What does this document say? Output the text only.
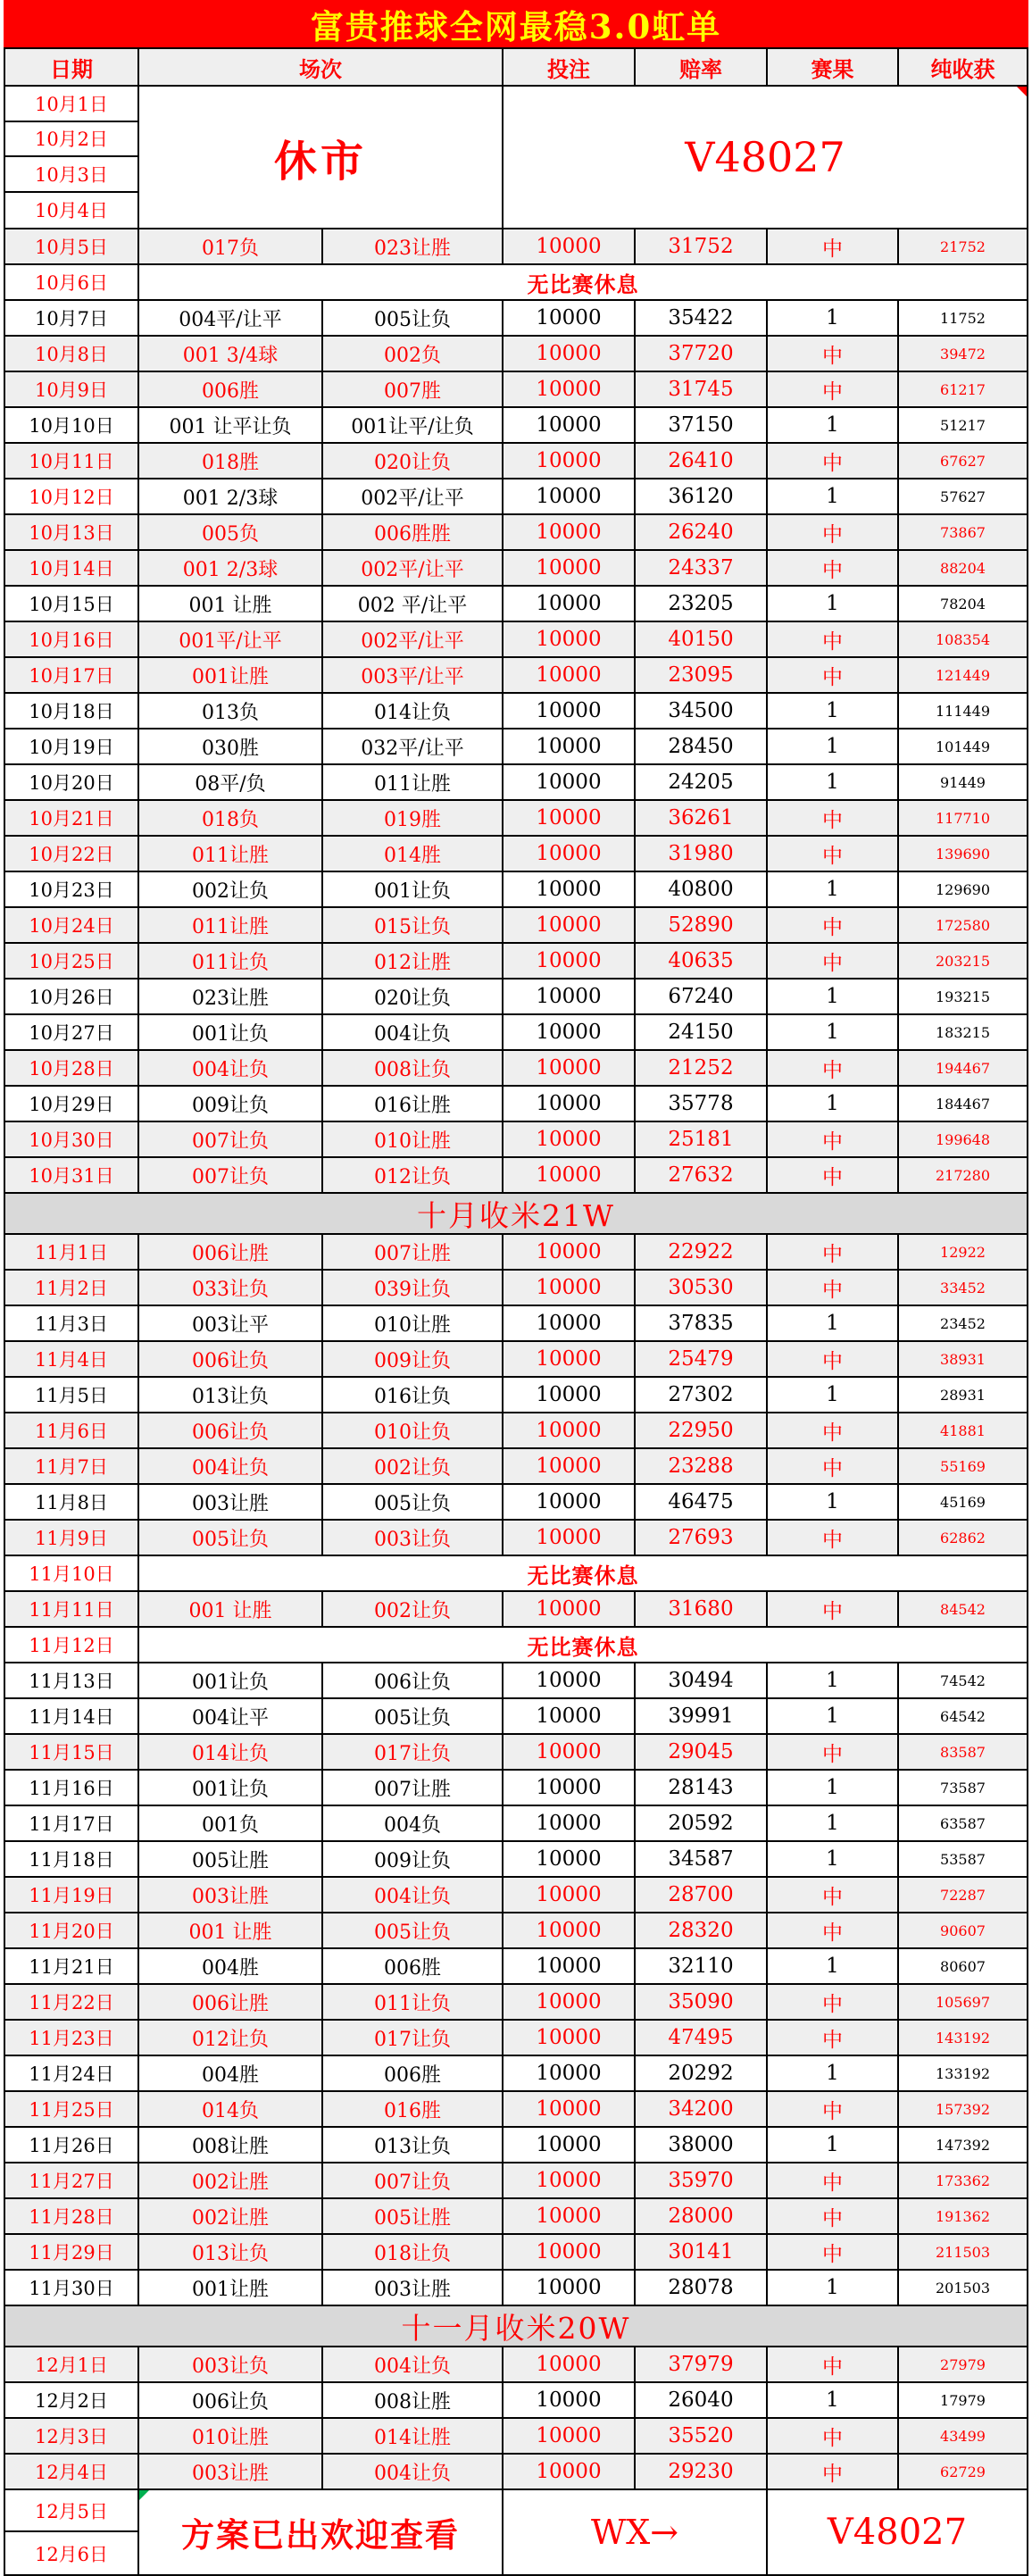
富贵推球全网最稳3.0虹单
日期	场次	投注	赔率	赛果	纯收获
10月1日
10月2日
10月3日
10月4日
休市	V48027
10月5日	017负	023让胜	10000	31752	中	21752
10月6日	无比赛休息
10月7日	004平/让平	005让负	10000	35422	1	11752
10月8日	001 3/4球	002负	10000	37720	中	39472
10月9日	006胜	007胜	10000	31745	中	61217
10月10日	001 让平让负	001让平/让负	10000	37150	1	51217
10月11日	018胜	020让负	10000	26410	中	67627
10月12日	001 2/3球	002平/让平	10000	36120	1	57627
10月13日	005负	006胜胜	10000	26240	中	73867
10月14日	001 2/3球	002平/让平	10000	24337	中	88204
10月15日	001 让胜	002 平/让平	10000	23205	1	78204
10月16日	001平/让平	002平/让平	10000	40150	中	108354
10月17日	001让胜	003平/让平	10000	23095	中	121449
10月18日	013负	014让负	10000	34500	1	111449
10月19日	030胜	032平/让平	10000	28450	1	101449
10月20日	08平/负	011让胜	10000	24205	1	91449
10月21日	018负	019胜	10000	36261	中	117710
10月22日	011让胜	014胜	10000	31980	中	139690
10月23日	002让负	001让负	10000	40800	1	129690
10月24日	011让胜	015让负	10000	52890	中	172580
10月25日	011让负	012让胜	10000	40635	中	203215
10月26日	023让胜	020让负	10000	67240	1	193215
10月27日	001让负	004让负	10000	24150	1	183215
10月28日	004让负	008让负	10000	21252	中	194467
10月29日	009让负	016让胜	10000	35778	1	184467
10月30日	007让负	010让胜	10000	25181	中	199648
10月31日	007让负	012让负	10000	27632	中	217280
十月收米21W
11月1日	006让胜	007让胜	10000	22922	中	12922
11月2日	033让负	039让负	10000	30530	中	33452
11月3日	003让平	010让胜	10000	37835	1	23452
11月4日	006让负	009让负	10000	25479	中	38931
11月5日	013让负	016让负	10000	27302	1	28931
11月6日	006让负	010让负	10000	22950	中	41881
11月7日	004让负	002让负	10000	23288	中	55169
11月8日	003让胜	005让负	10000	46475	1	45169
11月9日	005让负	003让负	10000	27693	中	62862
11月10日	无比赛休息
11月11日	001 让胜	002让负	10000	31680	中	84542
11月12日	无比赛休息
11月13日	001让负	006让负	10000	30494	1	74542
11月14日	004让平	005让负	10000	39991	1	64542
11月15日	014让负	017让负	10000	29045	中	83587
11月16日	001让负	007让胜	10000	28143	1	73587
11月17日	001负	004负	10000	20592	1	63587
11月18日	005让胜	009让负	10000	34587	1	53587
11月19日	003让胜	004让负	10000	28700	中	72287
11月20日	001 让胜	005让负	10000	28320	中	90607
11月21日	004胜	006胜	10000	32110	1	80607
11月22日	006让胜	011让负	10000	35090	中	105697
11月23日	012让负	017让负	10000	47495	中	143192
11月24日	004胜	006胜	10000	20292	1	133192
11月25日	014负	016胜	10000	34200	中	157392
11月26日	008让胜	013让负	10000	38000	1	147392
11月27日	002让胜	007让负	10000	35970	中	173362
11月28日	002让胜	005让胜	10000	28000	中	191362
11月29日	013让负	018让负	10000	30141	中	211503
11月30日	001让胜	003让胜	10000	28078	1	201503
十一月收米20W
12月1日	003让负	004让负	10000	37979	中	27979
12月2日	006让负	008让胜	10000	26040	1	17979
12月3日	010让胜	014让胜	10000	35520	中	43499
12月4日	003让胜	004让负	10000	29230	中	62729
12月5日
12月6日	方案已出欢迎查看	WX→	V48027
